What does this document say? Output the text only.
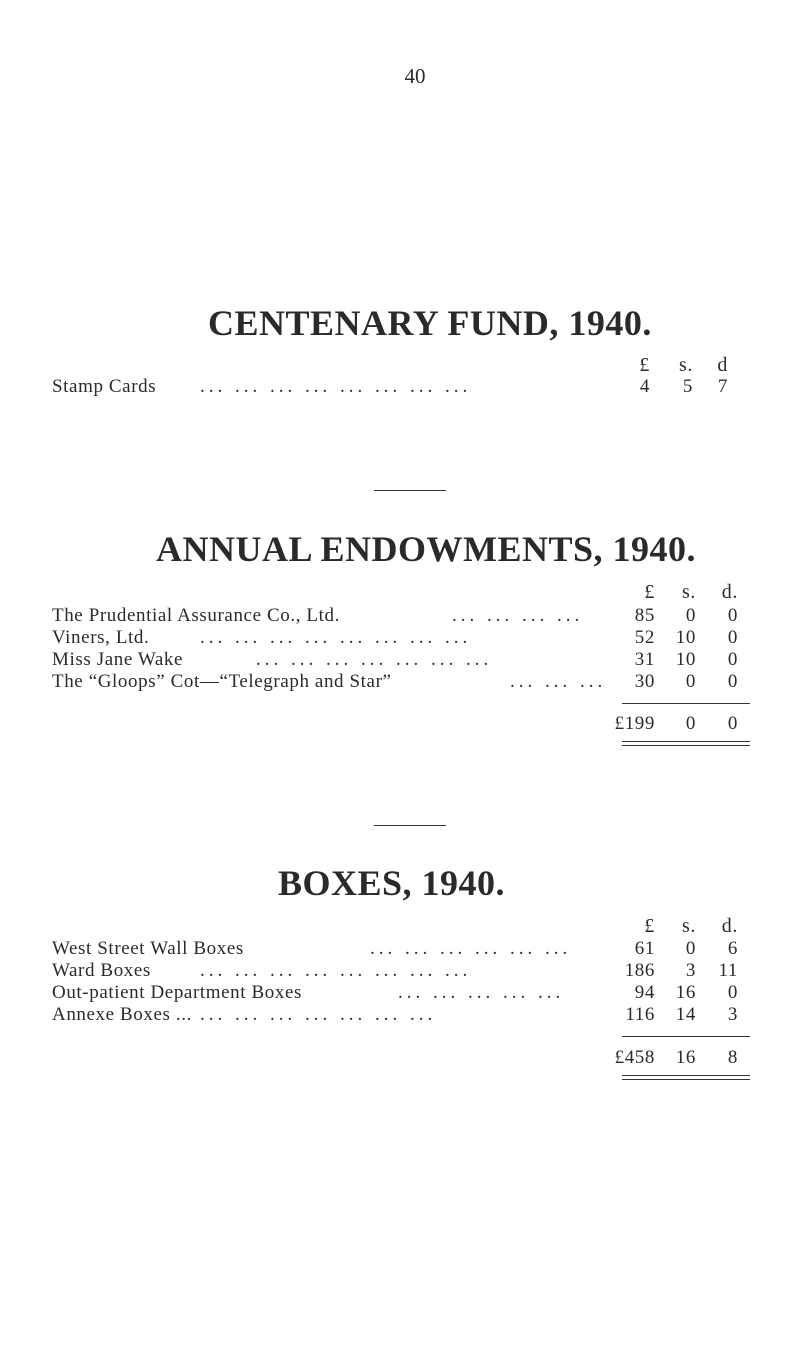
40
CENTENARY FUND, 1940.
£	s.	d
Stamp Cards ... ... ... ... ... ... ... ...	4	5	7
ANNUAL ENDOWMENTS, 1940.
£	s.	d.
The Prudential Assurance Co., Ltd.	... ... ... ...	85	0	0
Viners, Ltd.	... ... ... ... ... ... ... ...	52	10	0
Miss Jane Wake	... ... ... ... ... ... ...	31	10	0
The “Gloops” Cot—“Telegraph and Star”	... ... ...	30	0	0
£199	0	0
BOXES, 1940.
£	s.	d.
West Street Wall Boxes	... ... ... ... ... ...	61	0	6
Ward Boxes	... ... ... ... ... ... ... ...	186	3	11
Out-patient Department Boxes	... ... ... ... ...	94	16	0
Annexe Boxes ... ... ... ... ... ... ... ...	116	14	3
£458	16	8
